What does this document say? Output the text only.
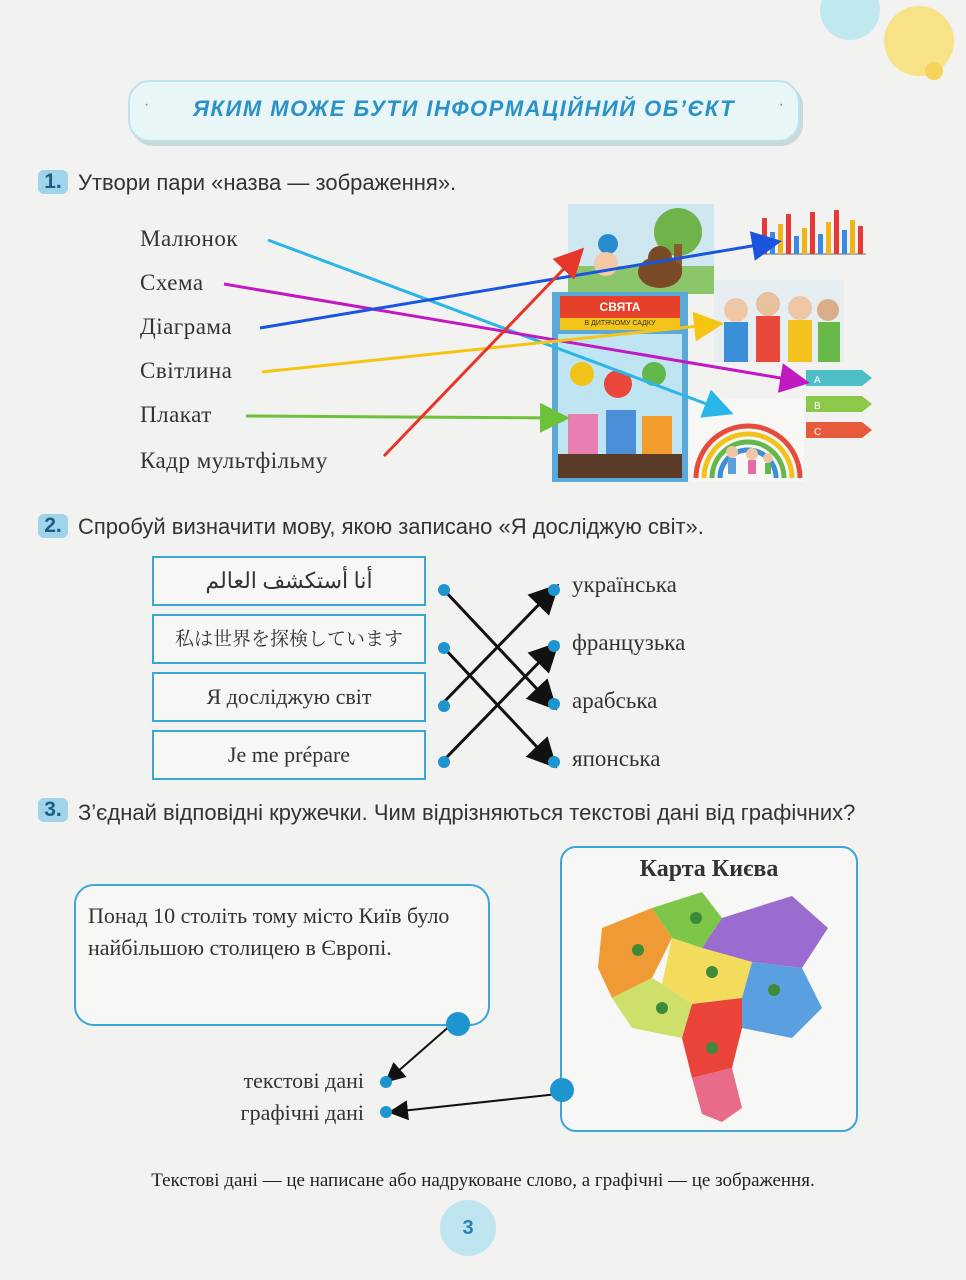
·	ЯКИМ МОЖЕ БУТИ ІНФОРМАЦІЙНИЙ ОБ’ЄКТ	·
1. Утвори пари «назва — зображення».
Малюнок
Схема
Діаграма
Світлина
Плакат
Кадр мультфільму
СВЯТА
В ДИТЯЧОМУ САДКУ
A
B
C
2. Спробуй визначити мову, якою записано «Я досліджую світ».
أنا أستكشف العالم
私は世界を探検しています
Я досліджую світ
Je me prépare
українська
французька
арабська
японська
3. З’єднай відповідні кружечки. Чим відрізняються текстові дані від графічних?
Понад 10 століть тому місто Київ було найбільшою столицею в Європі.
Карта Києва
текстові дані
графічні дані
Текстові дані — це написане або надруковане слово, а графічні — це зображення.
3
